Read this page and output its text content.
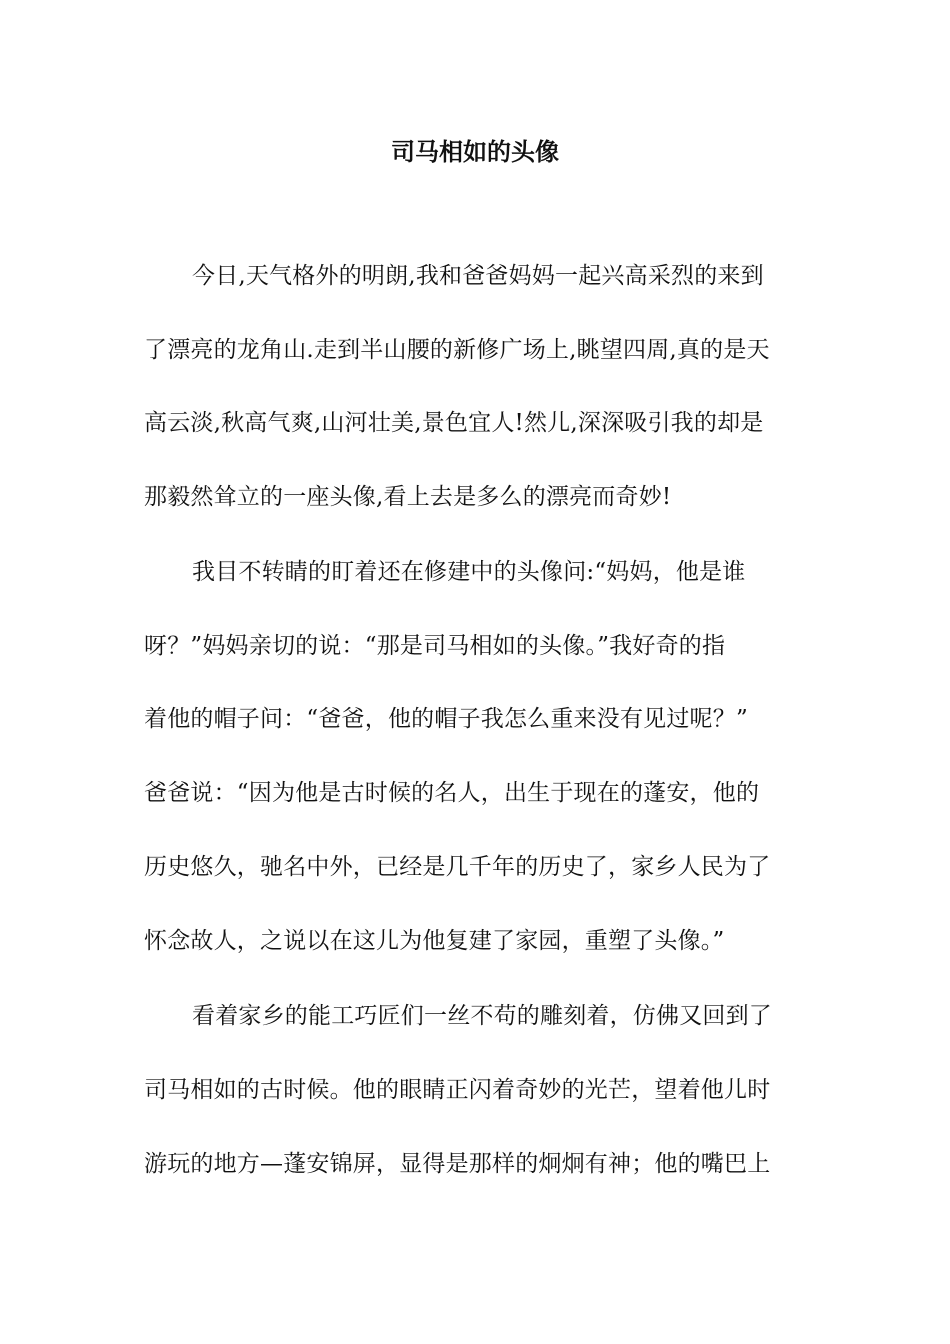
司马相如的头像
今日,天气格外的明朗,我和爸爸妈妈一起兴高采烈的来到
了漂亮的龙角山.走到半山腰的新修广场上,眺望四周,真的是天
高云淡,秋高气爽,山河壮美,景色宜人!然儿,深深吸引我的却是
那毅然耸立的一座头像,看上去是多么的漂亮而奇妙!
我目不转睛的盯着还在修建中的头像问:“妈妈，他是谁
呀？”妈妈亲切的说：“那是司马相如的头像。”我好奇的指
着他的帽子问：“爸爸，他的帽子我怎么重来没有见过呢？”
爸爸说：“因为他是古时候的名人，出生于现在的蓬安，他的
历史悠久，驰名中外，已经是几千年的历史了，家乡人民为了
怀念故人，之说以在这儿为他复建了家园，重塑了头像。”
看着家乡的能工巧匠们一丝不苟的雕刻着，仿佛又回到了
司马相如的古时候。他的眼睛正闪着奇妙的光芒，望着他儿时
游玩的地方—蓬安锦屏，显得是那样的炯炯有神；他的嘴巴上
